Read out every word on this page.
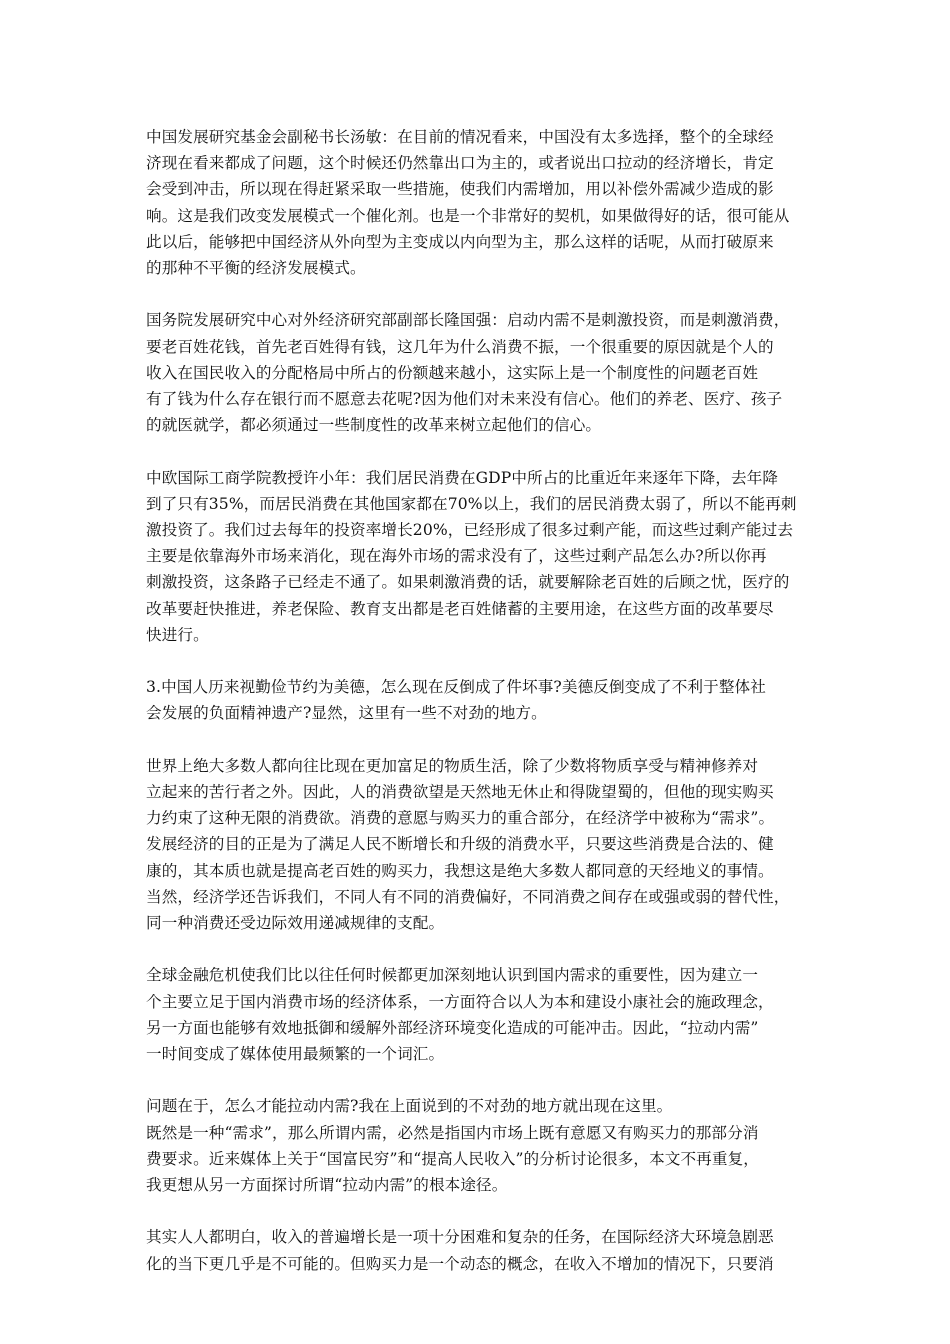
中国发展研究基金会副秘书长汤敏：在目前的情况看来，中国没有太多选择，整个的全球经
济现在看来都成了问题，这个时候还仍然靠出口为主的，或者说出口拉动的经济增长，肯定
会受到冲击，所以现在得赶紧采取一些措施，使我们内需增加，用以补偿外需减少造成的影
响。这是我们改变发展模式一个催化剂。也是一个非常好的契机，如果做得好的话，很可能从
此以后，能够把中国经济从外向型为主变成以内向型为主，那么这样的话呢，从而打破原来
的那种不平衡的经济发展模式。
国务院发展研究中心对外经济研究部副部长隆国强：启动内需不是刺激投资，而是刺激消费，
要老百姓花钱，首先老百姓得有钱，这几年为什么消费不振，一个很重要的原因就是个人的
收入在国民收入的分配格局中所占的份额越来越小，这实际上是一个制度性的问题老百姓
有了钱为什么存在银行而不愿意去花呢?因为他们对未来没有信心。他们的养老、医疗、孩子
的就医就学，都必须通过一些制度性的改革来树立起他们的信心。
中欧国际工商学院教授许小年：我们居民消费在GDP中所占的比重近年来逐年下降，去年降
到了只有35%，而居民消费在其他国家都在70%以上，我们的居民消费太弱了，所以不能再刺
激投资了。我们过去每年的投资率增长20%，已经形成了很多过剩产能，而这些过剩产能过去
主要是依靠海外市场来消化，现在海外市场的需求没有了，这些过剩产品怎么办?所以你再
刺激投资，这条路子已经走不通了。如果刺激消费的话，就要解除老百姓的后顾之忧，医疗的
改革要赶快推进，养老保险、教育支出都是老百姓储蓄的主要用途，在这些方面的改革要尽
快进行。
3.中国人历来视勤俭节约为美德，怎么现在反倒成了件坏事?美德反倒变成了不利于整体社
会发展的负面精神遗产?显然，这里有一些不对劲的地方。
世界上绝大多数人都向往比现在更加富足的物质生活，除了少数将物质享受与精神修养对
立起来的苦行者之外。因此，人的消费欲望是天然地无休止和得陇望蜀的，但他的现实购买
力约束了这种无限的消费欲。消费的意愿与购买力的重合部分，在经济学中被称为“需求”。
发展经济的目的正是为了满足人民不断增长和升级的消费水平，只要这些消费是合法的、健
康的，其本质也就是提高老百姓的购买力，我想这是绝大多数人都同意的天经地义的事情。
当然，经济学还告诉我们，不同人有不同的消费偏好，不同消费之间存在或强或弱的替代性，
同一种消费还受边际效用递减规律的支配。
全球金融危机使我们比以往任何时候都更加深刻地认识到国内需求的重要性，因为建立一
个主要立足于国内消费市场的经济体系，一方面符合以人为本和建设小康社会的施政理念，
另一方面也能够有效地抵御和缓解外部经济环境变化造成的可能冲击。因此，“拉动内需”
一时间变成了媒体使用最频繁的一个词汇。
问题在于，怎么才能拉动内需?我在上面说到的不对劲的地方就出现在这里。
既然是一种“需求”，那么所谓内需，必然是指国内市场上既有意愿又有购买力的那部分消
费要求。近来媒体上关于“国富民穷”和“提高人民收入”的分析讨论很多，本文不再重复，
我更想从另一方面探讨所谓“拉动内需”的根本途径。
其实人人都明白，收入的普遍增长是一项十分困难和复杂的任务，在国际经济大环境急剧恶
化的当下更几乎是不可能的。但购买力是一个动态的概念，在收入不增加的情况下，只要消
